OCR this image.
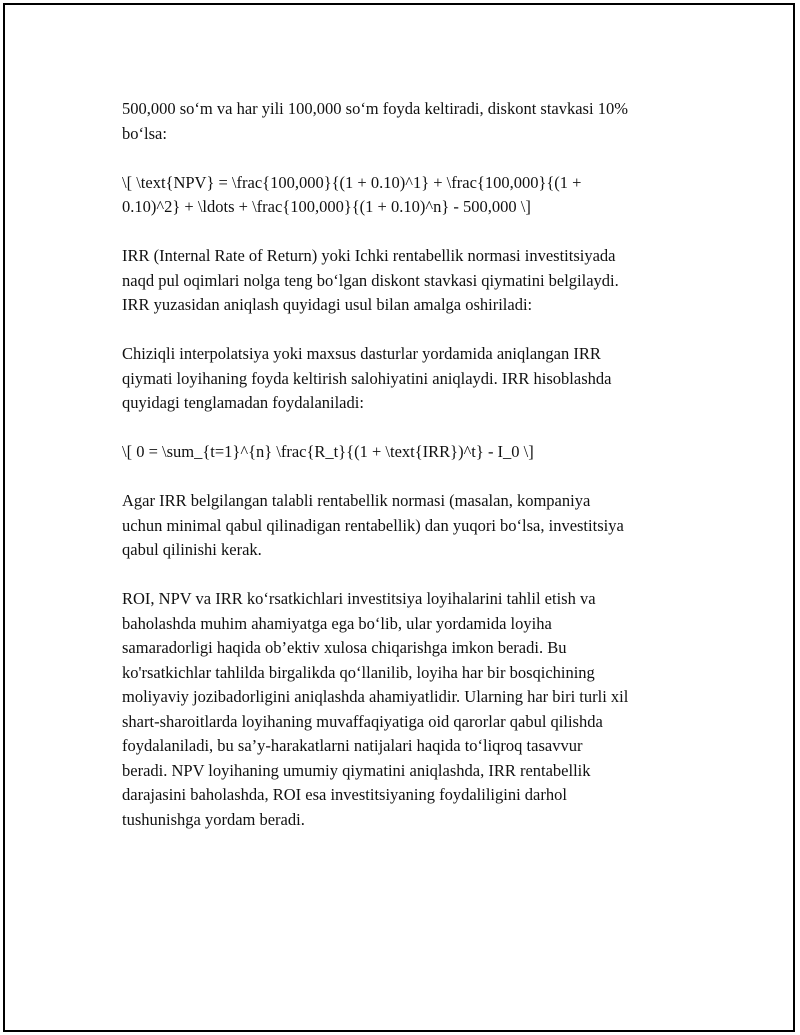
500,000 so‘m va har yili 100,000 so‘m foyda keltiradi, diskont stavkasi 10%
bo‘lsa:

\[ \text{NPV} = \frac{100,000}{(1 + 0.10)^1} + \frac{100,000}{(1 +
0.10)^2} + \ldots + \frac{100,000}{(1 + 0.10)^n} - 500,000 \]

IRR (Internal Rate of Return) yoki Ichki rentabellik normasi investitsiyada
naqd pul oqimlari nolga teng bo‘lgan diskont stavkasi qiymatini belgilaydi.
IRR yuzasidan aniqlash quyidagi usul bilan amalga oshiriladi:

Chiziqli interpolatsiya yoki maxsus dasturlar yordamida aniqlangan IRR
qiymati loyihaning foyda keltirish salohiyatini aniqlaydi. IRR hisoblashda
quyidagi tenglamadan foydalaniladi:

\[ 0 = \sum_{t=1}^{n} \frac{R_t}{(1 + \text{IRR})^t} - I_0 \]

Agar IRR belgilangan talabli rentabellik normasi (masalan, kompaniya
uchun minimal qabul qilinadigan rentabellik) dan yuqori bo‘lsa, investitsiya
qabul qilinishi kerak.

ROI, NPV va IRR ko‘rsatkichlari investitsiya loyihalarini tahlil etish va
baholashda muhim ahamiyatga ega bo‘lib, ular yordamida loyiha
samaradorligi haqida ob’ektiv xulosa chiqarishga imkon beradi. Bu
ko'rsatkichlar tahlilda birgalikda qo‘llanilib, loyiha har bir bosqichining
moliyaviy jozibadorligini aniqlashda ahamiyatlidir. Ularning har biri turli xil
shart-sharoitlarda loyihaning muvaffaqiyatiga oid qarorlar qabul qilishda
foydalaniladi, bu sa’y-harakatlarni natijalari haqida to‘liqroq tasavvur
beradi. NPV loyihaning umumiy qiymatini aniqlashda, IRR rentabellik
darajasini baholashda, ROI esa investitsiyaning foydaliligini darhol
tushunishga yordam beradi.
